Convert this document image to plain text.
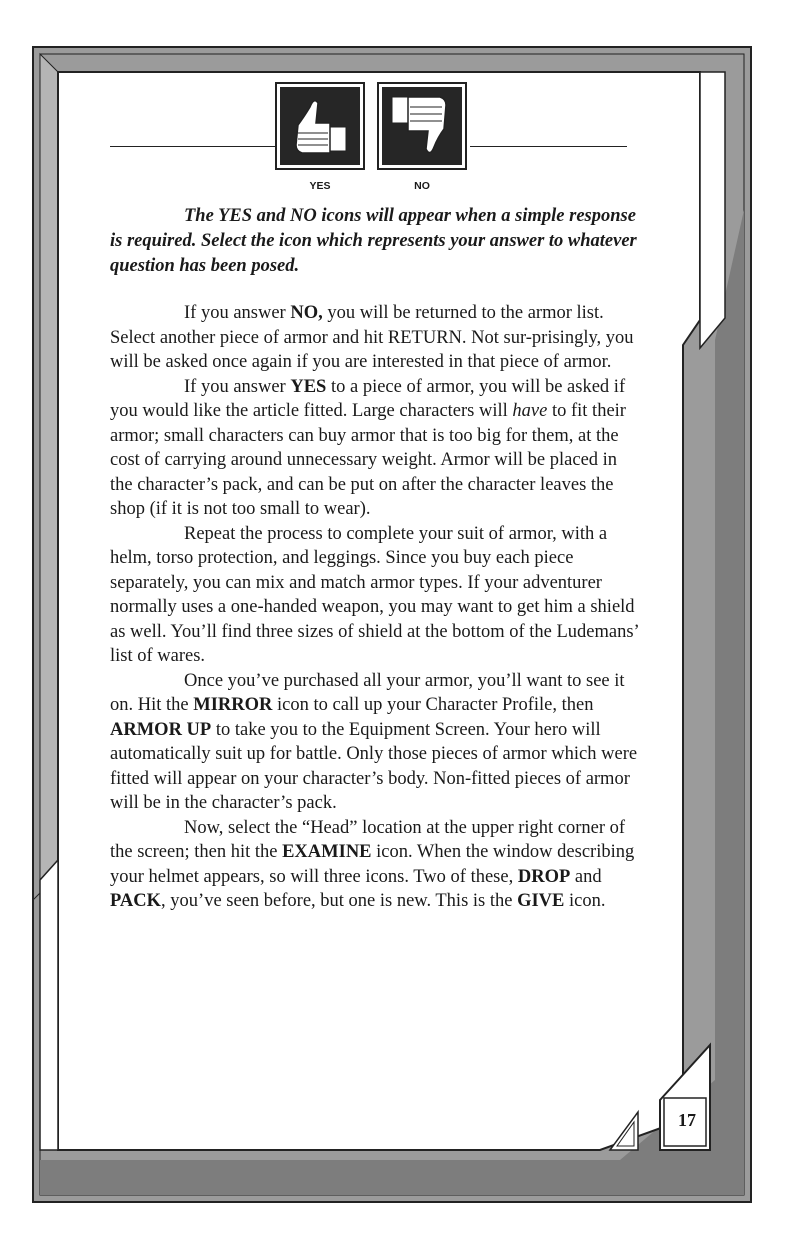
YES	NO

The YES and NO icons will appear when a simple response is required. Select the icon which represents your answer to whatever question has been posed.

If you answer NO, you will be returned to the armor list. Select another piece of armor and hit RETURN. Not sur-prisingly, you will be asked once again if you are interested in that piece of armor.

If you answer YES to a piece of armor, you will be asked if you would like the article fitted. Large characters will have to fit their armor; small characters can buy armor that is too big for them, at the cost of carrying around unnecessary weight. Armor will be placed in the character’s pack, and can be put on after the character leaves the shop (if it is not too small to wear).

Repeat the process to complete your suit of armor, with a helm, torso protection, and leggings. Since you buy each piece separately, you can mix and match armor types. If your adventurer normally uses a one-handed weapon, you may want to get him a shield as well. You’ll find three sizes of shield at the bottom of the Ludemans’ list of wares.

Once you’ve purchased all your armor, you’ll want to see it on. Hit the MIRROR icon to call up your Character Profile, then ARMOR UP to take you to the Equipment Screen. Your hero will automatically suit up for battle. Only those pieces of armor which were fitted will appear on your character’s body. Non-fitted pieces of armor will be in the character’s pack.

Now, select the “Head” location at the upper right corner of the screen; then hit the EXAMINE icon. When the window describing your helmet appears, so will three icons. Two of these, DROP and PACK, you’ve seen before, but one is new. This is the GIVE icon.

17
